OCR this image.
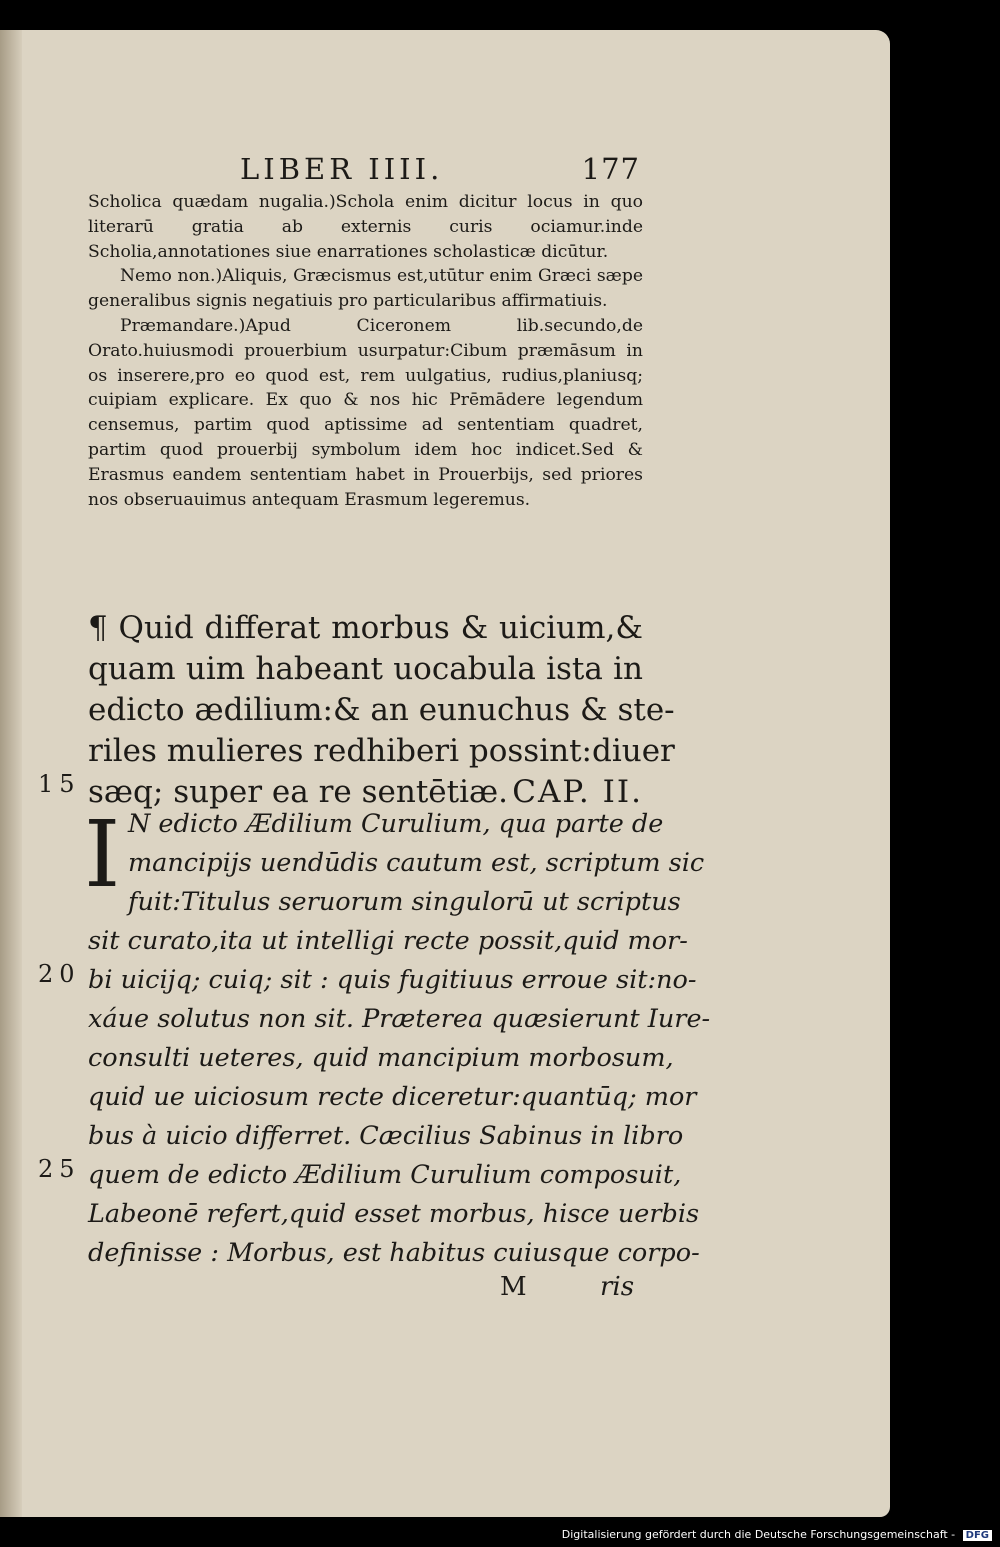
LIBER IIII.	177

Scholica quædam nugalia.)Schola enim dicitur locus in quo literarū gratia ab externis curis ociamur.inde Scholia,annotationes siue enarrationes scholasticæ dicūtur.

Nemo non.)Aliquis, Græcismus est,utūtur enim Græci sæpe generalibus signis negatiuis pro particularibus affirmatiuis.

Præmandare.)Apud Ciceronem lib.secundo,de Orato.huiusmodi prouerbium usurpatur:Cibum præmāsum in os inserere,pro eo quod est, rem uulgatius, rudius,planiusq; cuipiam explicare. Ex quo & nos hic Prēmādere legendum censemus, partim quod aptissime ad sententiam quadret, partim quod prouerbij symbolum idem hoc indicet.Sed & Erasmus eandem sententiam habet in Prouerbijs, sed priores nos obseruauimus antequam Erasmum legeremus.

¶ Quid differat morbus & uicium,&
quam uim habeant uocabula ista in
edicto ædilium:& an eunuchus & ste-
riles mulieres redhiberi possint:diuer
sæq; super ea re sentētiæ. CAP. II.
15
20
25
I N edicto Ædilium Curulium, qua parte de
mancipijs uendūdis cautum est, scriptum sic
fuit:Titulus seruorum singulorū ut scriptus
sit curato,ita ut intelligi recte possit,quid mor-
bi uicijq; cuiq; sit : quis fugitiuus erroue sit:no-
xáue solutus non sit. Præterea quæsierunt Iure-
consulti ueteres, quid mancipium morbosum,
quid ue uiciosum recte diceretur:quantūq; mor
bus à uicio differret. Cæcilius Sabinus in libro
quem de edicto Ædilium Curulium composuit,
Labeonē refert,quid esset morbus, hisce uerbis
definisse : Morbus, est habitus cuiusque corpo-
M	ris
Digitalisierung gefördert durch die Deutsche Forschungsgemeinschaft - DFG
